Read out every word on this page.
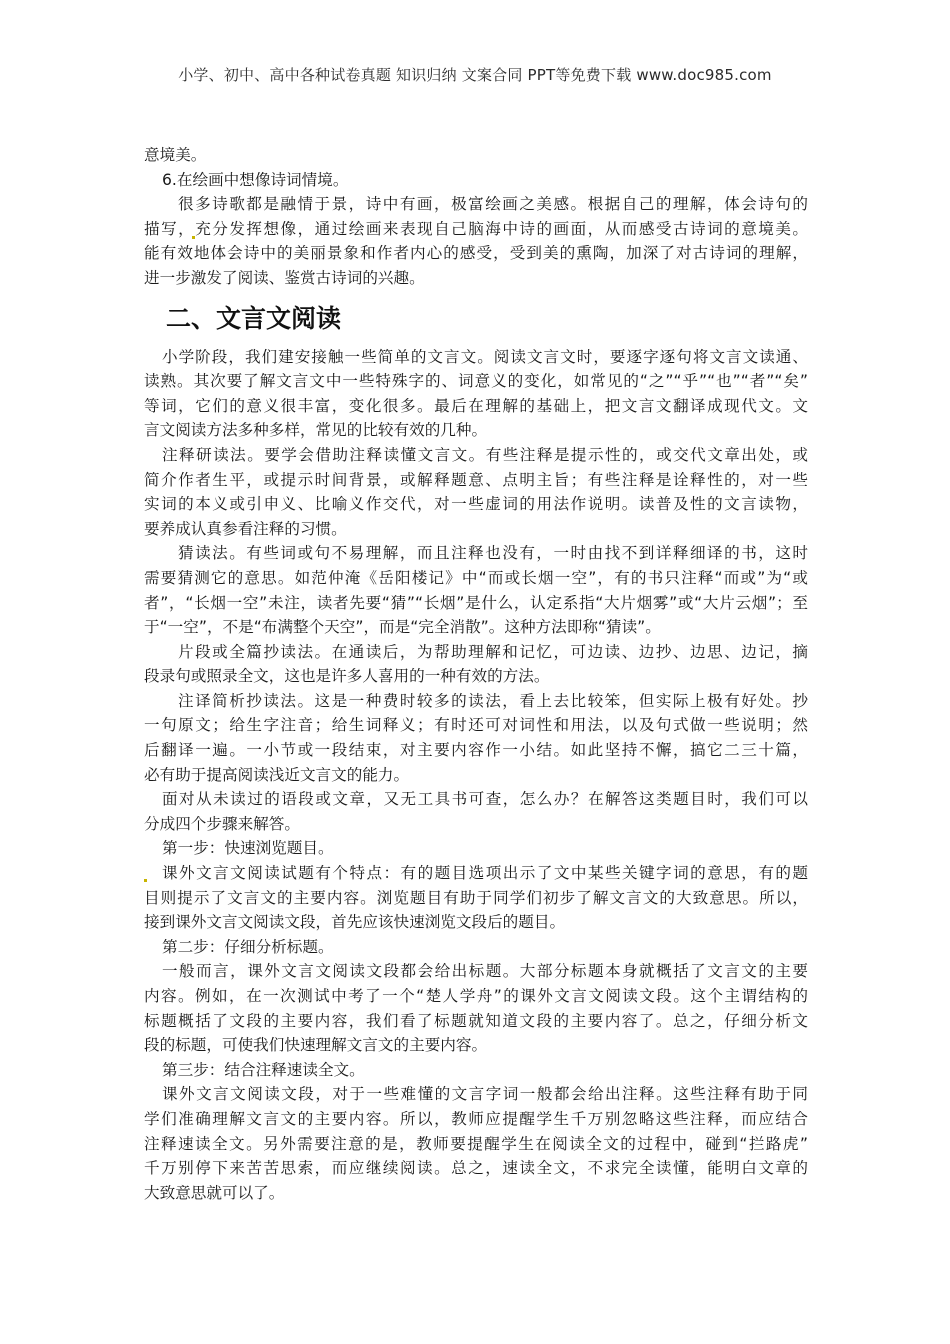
小学、初中、高中各种试卷真题 知识归纳 文案合同 PPT等免费下载 www.doc985.com
意境美。
6.在绘画中想像诗词情境。
很多诗歌都是融情于景，诗中有画，极富绘画之美感。根据自己的理解，体会诗句的
描写，充分发挥想像，通过绘画来表现自己脑海中诗的画面，从而感受古诗词的意境美。
能有效地体会诗中的美丽景象和作者内心的感受，受到美的熏陶，加深了对古诗词的理解，
进一步激发了阅读、鉴赏古诗词的兴趣。
二、文言文阅读
小学阶段，我们建安接触一些简单的文言文。阅读文言文时，要逐字逐句将文言文读通、
读熟。其次要了解文言文中一些特殊字的、词意义的变化，如常见的“之”“乎”“也”“者”“矣”
等词，它们的意义很丰富，变化很多。最后在理解的基础上，把文言文翻译成现代文。文
言文阅读方法多种多样，常见的比较有效的几种。
注释研读法。要学会借助注释读懂文言文。有些注释是提示性的，或交代文章出处，或
简介作者生平，或提示时间背景，或解释题意、点明主旨；有些注释是诠释性的，对一些
实词的本义或引申义、比喻义作交代，对一些虚词的用法作说明。读普及性的文言读物，
要养成认真参看注释的习惯。
猜读法。有些词或句不易理解，而且注释也没有，一时由找不到详释细译的书，这时
需要猜测它的意思。如范仲淹《岳阳楼记》中“而或长烟一空”，有的书只注释“而或”为“或
者”，“长烟一空”未注，读者先要“猜”“长烟”是什么，认定系指“大片烟雾”或“大片云烟”；至
于“一空”，不是“布满整个天空”，而是“完全消散”。这种方法即称“猜读”。
片段或全篇抄读法。在通读后，为帮助理解和记忆，可边读、边抄、边思、边记，摘
段录句或照录全文，这也是许多人喜用的一种有效的方法。
注译简析抄读法。这是一种费时较多的读法，看上去比较笨，但实际上极有好处。抄
一句原文；给生字注音；给生词释义；有时还可对词性和用法，以及句式做一些说明；然
后翻译一遍。一小节或一段结束，对主要内容作一小结。如此坚持不懈，搞它二三十篇，
必有助于提高阅读浅近文言文的能力。
面对从未读过的语段或文章，又无工具书可查，怎么办？在解答这类题目时，我们可以
分成四个步骤来解答。
第一步：快速浏览题目。
课外文言文阅读试题有个特点：有的题目选项出示了文中某些关键字词的意思，有的题
目则提示了文言文的主要内容。浏览题目有助于同学们初步了解文言文的大致意思。所以，
接到课外文言文阅读文段，首先应该快速浏览文段后的题目。
第二步：仔细分析标题。
一般而言，课外文言文阅读文段都会给出标题。大部分标题本身就概括了文言文的主要
内容。例如，在一次测试中考了一个“楚人学舟”的课外文言文阅读文段。这个主谓结构的
标题概括了文段的主要内容，我们看了标题就知道文段的主要内容了。总之，仔细分析文
段的标题，可使我们快速理解文言文的主要内容。
第三步：结合注释速读全文。
课外文言文阅读文段，对于一些难懂的文言字词一般都会给出注释。这些注释有助于同
学们准确理解文言文的主要内容。所以，教师应提醒学生千万别忽略这些注释，而应结合
注释速读全文。另外需要注意的是，教师要提醒学生在阅读全文的过程中，碰到“拦路虎”
千万别停下来苦苦思索，而应继续阅读。总之，速读全文，不求完全读懂，能明白文章的
大致意思就可以了。
